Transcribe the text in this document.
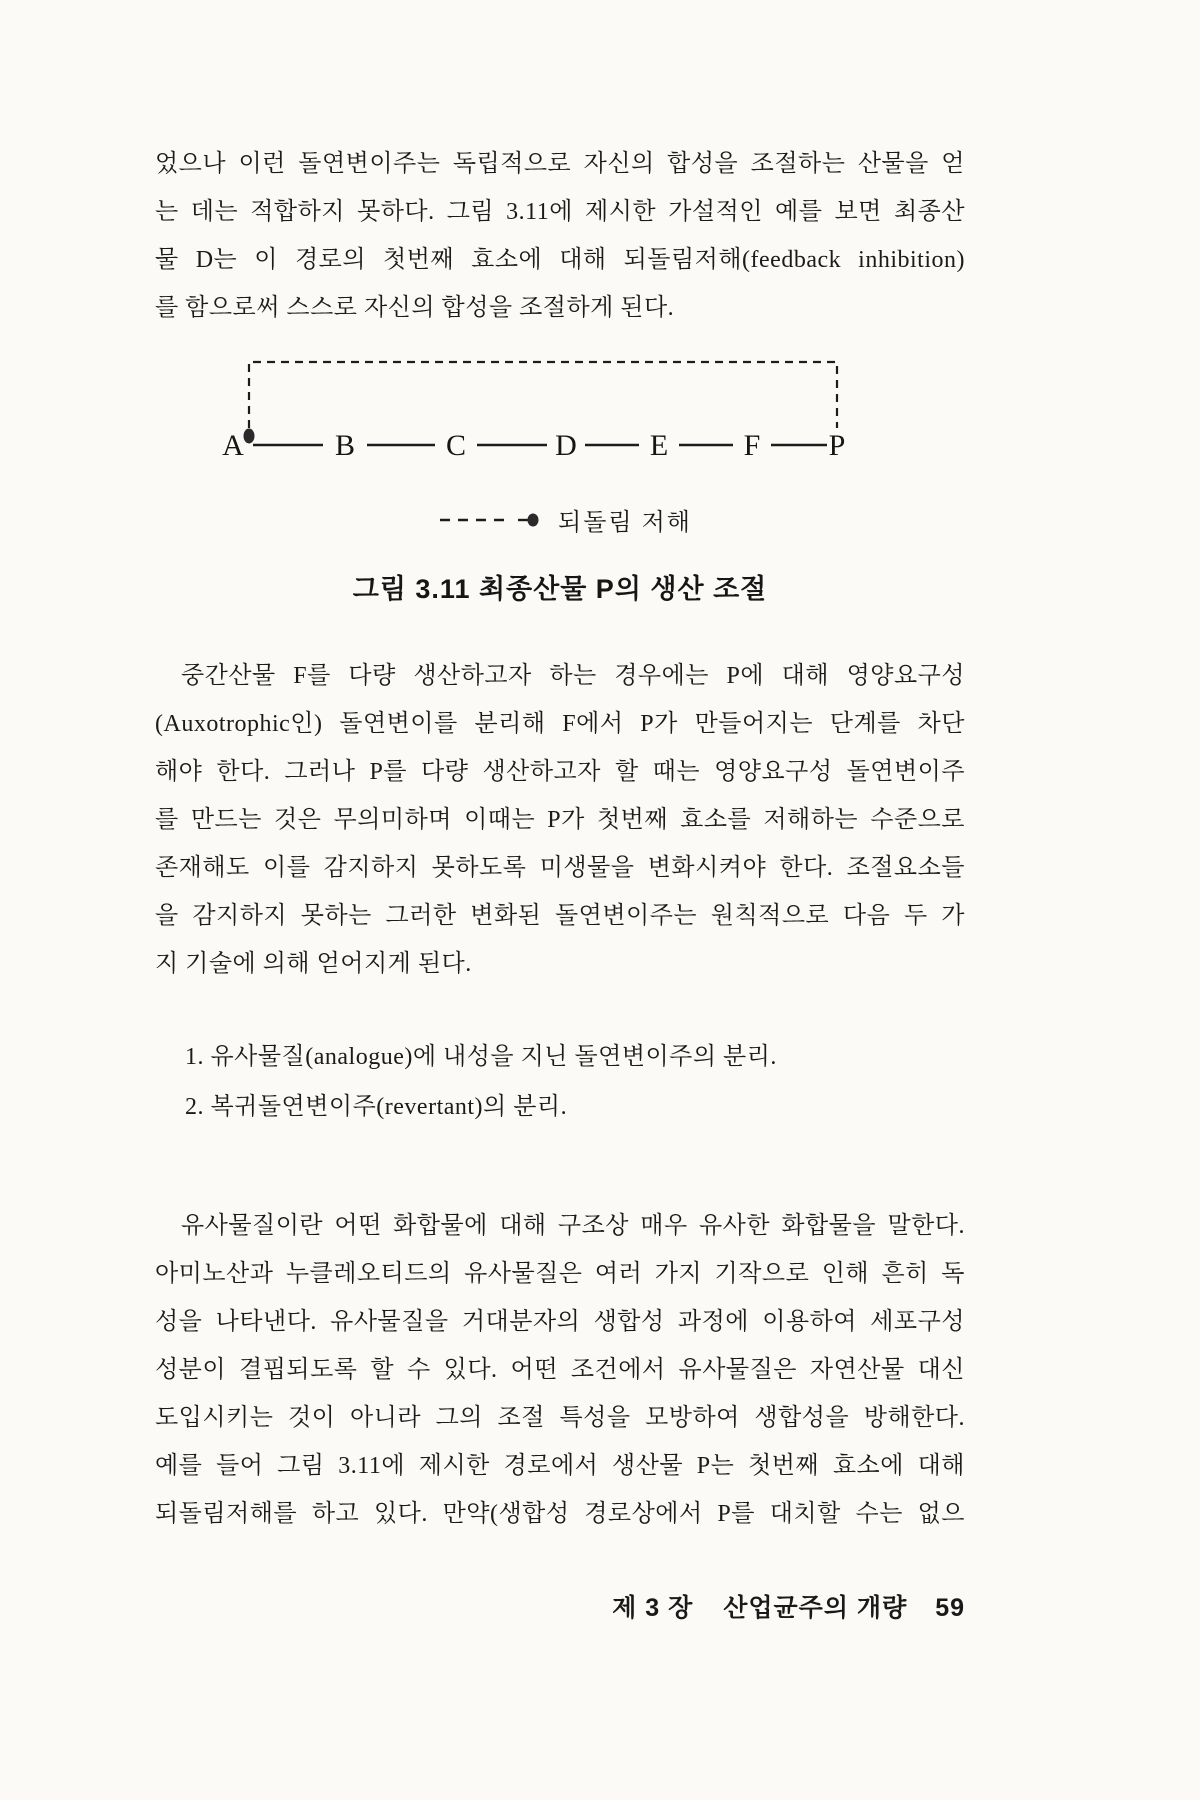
었으나 이런 돌연변이주는 독립적으로 자신의 합성을 조절하는 산물을 얻
는 데는 적합하지 못하다. 그림 3.11에 제시한 가설적인 예를 보면 최종산
물 D는 이 경로의 첫번째 효소에 대해 되돌림저해(feedback inhibition)
를 함으로써 스스로 자신의 합성을 조절하게 된다.
A	B	C	D E	F P
되돌림 저해
그림 3.11 최종산물 P의 생산 조절
중간산물 F를 다량 생산하고자 하는 경우에는 P에 대해 영양요구성
(Auxotrophic인) 돌연변이를 분리해 F에서 P가 만들어지는 단계를 차단
해야 한다. 그러나 P를 다량 생산하고자 할 때는 영양요구성 돌연변이주
를 만드는 것은 무의미하며 이때는 P가 첫번째 효소를 저해하는 수준으로
존재해도 이를 감지하지 못하도록 미생물을 변화시켜야 한다. 조절요소들
을 감지하지 못하는 그러한 변화된 돌연변이주는 원칙적으로 다음 두 가
지 기술에 의해 얻어지게 된다.
1. 유사물질(analogue)에 내성을 지닌 돌연변이주의 분리.
2. 복귀돌연변이주(revertant)의 분리.
유사물질이란 어떤 화합물에 대해 구조상 매우 유사한 화합물을 말한다.
아미노산과 누클레오티드의 유사물질은 여러 가지 기작으로 인해 흔히 독
성을 나타낸다. 유사물질을 거대분자의 생합성 과정에 이용하여 세포구성
성분이 결핍되도록 할 수 있다. 어떤 조건에서 유사물질은 자연산물 대신
도입시키는 것이 아니라 그의 조절 특성을 모방하여 생합성을 방해한다.
예를 들어 그림 3.11에 제시한 경로에서 생산물 P는 첫번째 효소에 대해
되돌림저해를 하고 있다. 만약(생합성 경로상에서 P를 대치할 수는 없으
제 3 장 산업균주의 개량 59
